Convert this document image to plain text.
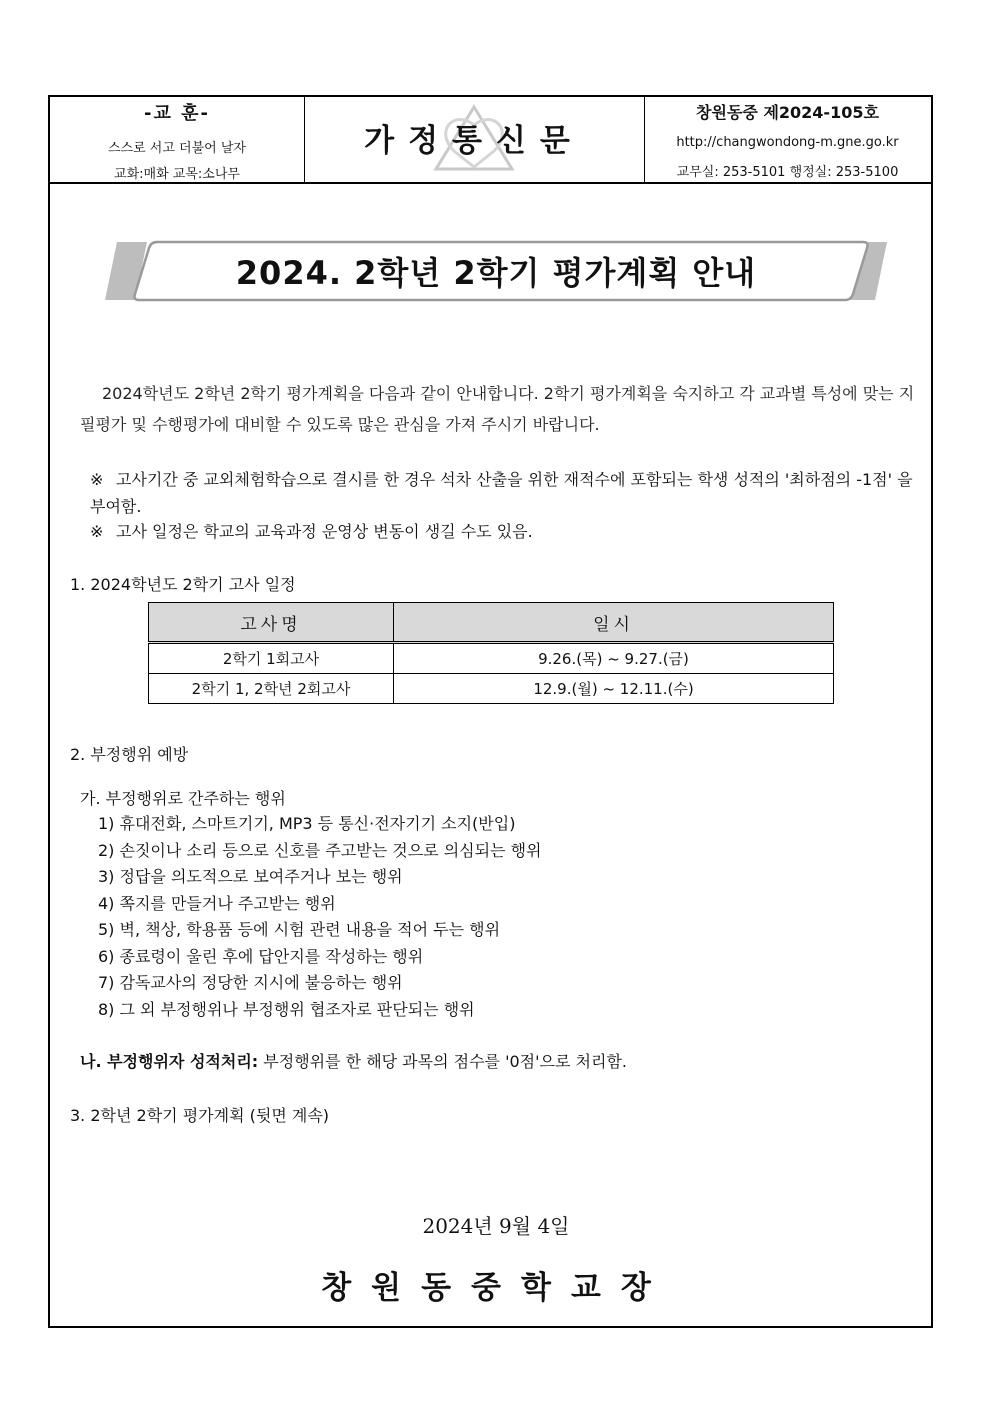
-교 훈-
스스로 서고 더불어 날자
교화:매화 교목:소나무
가정통신문
창원동중 제2024-105호
http://changwondong-m.gne.go.kr
교무실: 253-5101 행정실: 253-5100
2024. 2학년 2학기 평가계획 안내
2024학년도 2학년 2학기 평가계획을 다음과 같이 안내합니다. 2학기 평가계획을 숙지하고 각 교과별 특성에 맞는 지필평가 및 수행평가에 대비할 수 있도록 많은 관심을 가져 주시기 바랍니다.
※ 고사기간 중 교외체험학습으로 결시를 한 경우 석차 산출을 위한 재적수에 포함되는 학생 성적의 '최하점의 -1점' 을 부여함.
※ 고사 일정은 학교의 교육과정 운영상 변동이 생길 수도 있음.
1. 2024학년도 2학기 고사 일정
고사명	일시
2학기 1회고사	9.26.(목) ~ 9.27.(금)
2학기 1, 2학년 2회고사	12.9.(월) ~ 12.11.(수)
2. 부정행위 예방
가. 부정행위로 간주하는 행위
1) 휴대전화, 스마트기기, MP3 등 통신·전자기기 소지(반입)
2) 손짓이나 소리 등으로 신호를 주고받는 것으로 의심되는 행위
3) 정답을 의도적으로 보여주거나 보는 행위
4) 쪽지를 만들거나 주고받는 행위
5) 벽, 책상, 학용품 등에 시험 관련 내용을 적어 두는 행위
6) 종료령이 울린 후에 답안지를 작성하는 행위
7) 감독교사의 정당한 지시에 불응하는 행위
8) 그 외 부정행위나 부정행위 협조자로 판단되는 행위
나. 부정행위자 성적처리: 부정행위를 한 해당 과목의 점수를 '0점'으로 처리함.
3. 2학년 2학기 평가계획 (뒷면 계속)
2024년 9월 4일
창원동중학교장
